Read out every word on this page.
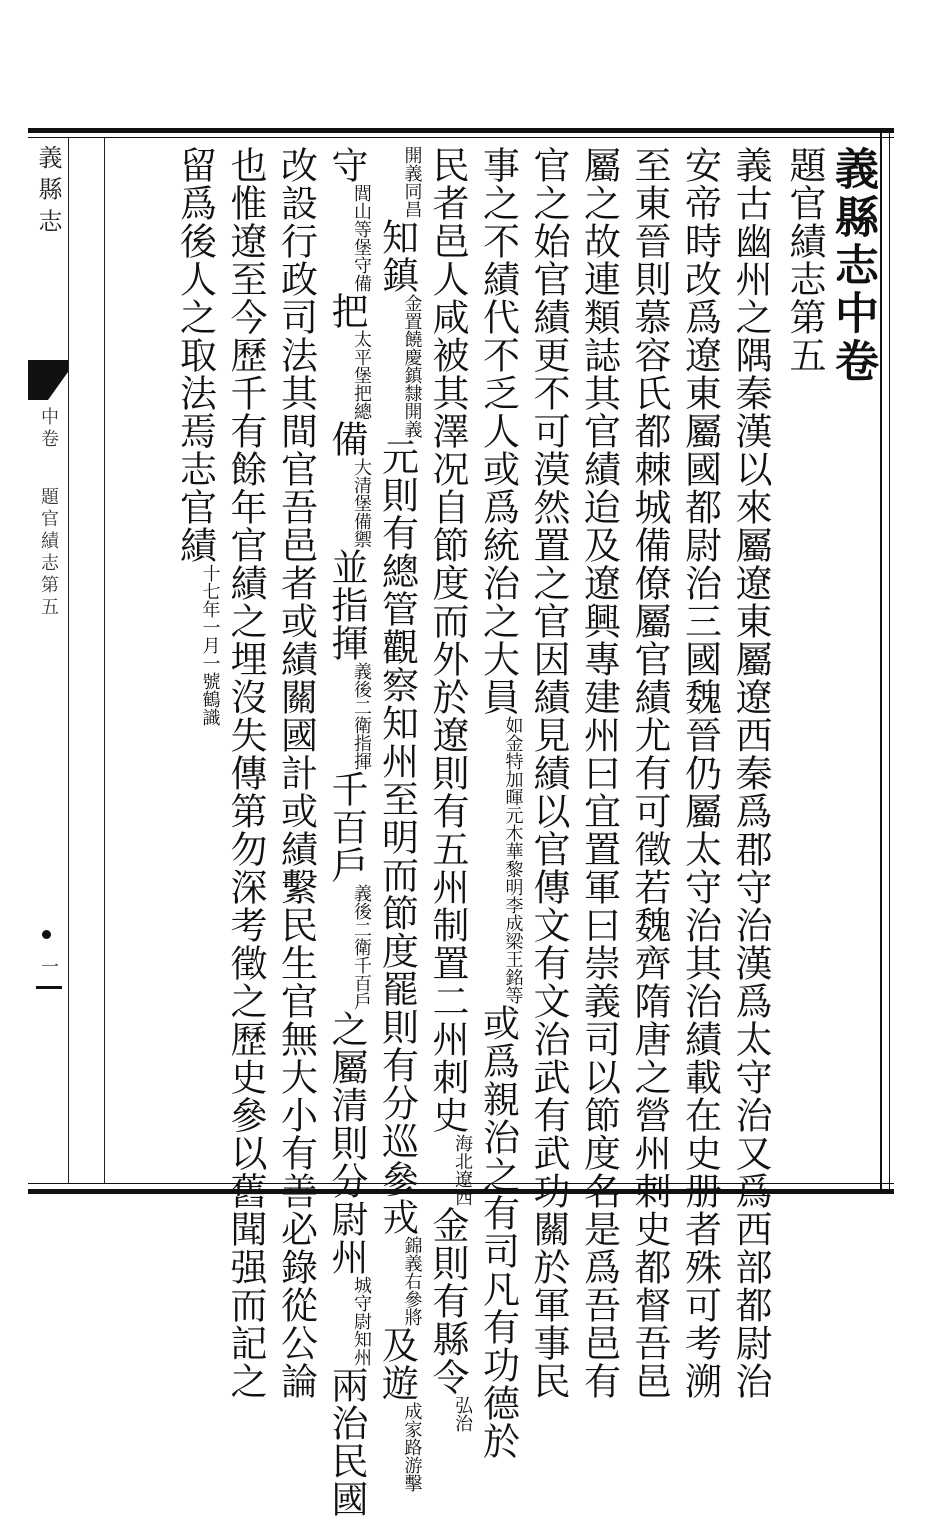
義 縣 志
中卷
題官績志第五
一
義縣志中卷
題官績志第五
義古幽州之隅秦漢以來屬遼東屬遼西秦爲郡守治漢爲太守治又爲西部都尉治
安帝時改爲遼東屬國都尉治三國魏晉仍屬太守治其治績載在史册者殊可考溯
至東晉則慕容氏都棘城備僚屬官績尤有可徵若魏齊隋唐之營州刺史都督吾邑
屬之故連類誌其官績迨及遼興專建州曰宜置軍曰崇義司以節度名是爲吾邑有
官之始官績更不可漠然置之官因績見績以官傳文有文治武有武功關於軍事民
事之不績代不乏人或爲統治之大員如金特加暉元木華黎明李成梁王銘等或爲親治之有司凡有功德於
民者邑人咸被其澤况自節度而外於遼則有五州制置二州刺史海北遼西金則有縣令弘治
開義同昌知鎮金置饒慶鎮隸開義元則有總管觀察知州至明而節度罷則有分巡參戎錦義右參將及遊成家路游擊
守閭山等堡守備把太平堡把總備大清堡備禦並指揮義後二衛指揮千百戶義後二衛千百戶之屬清則分尉州城守尉知州兩治民國
改設行政司法其間官吾邑者或績關國計或績繫民生官無大小有善必錄從公論
也惟遼至今歷千有餘年官績之埋沒失傳第勿深考徵之歷史參以舊聞强而記之
留爲後人之取法焉志官績十七年一月一號鶴識
